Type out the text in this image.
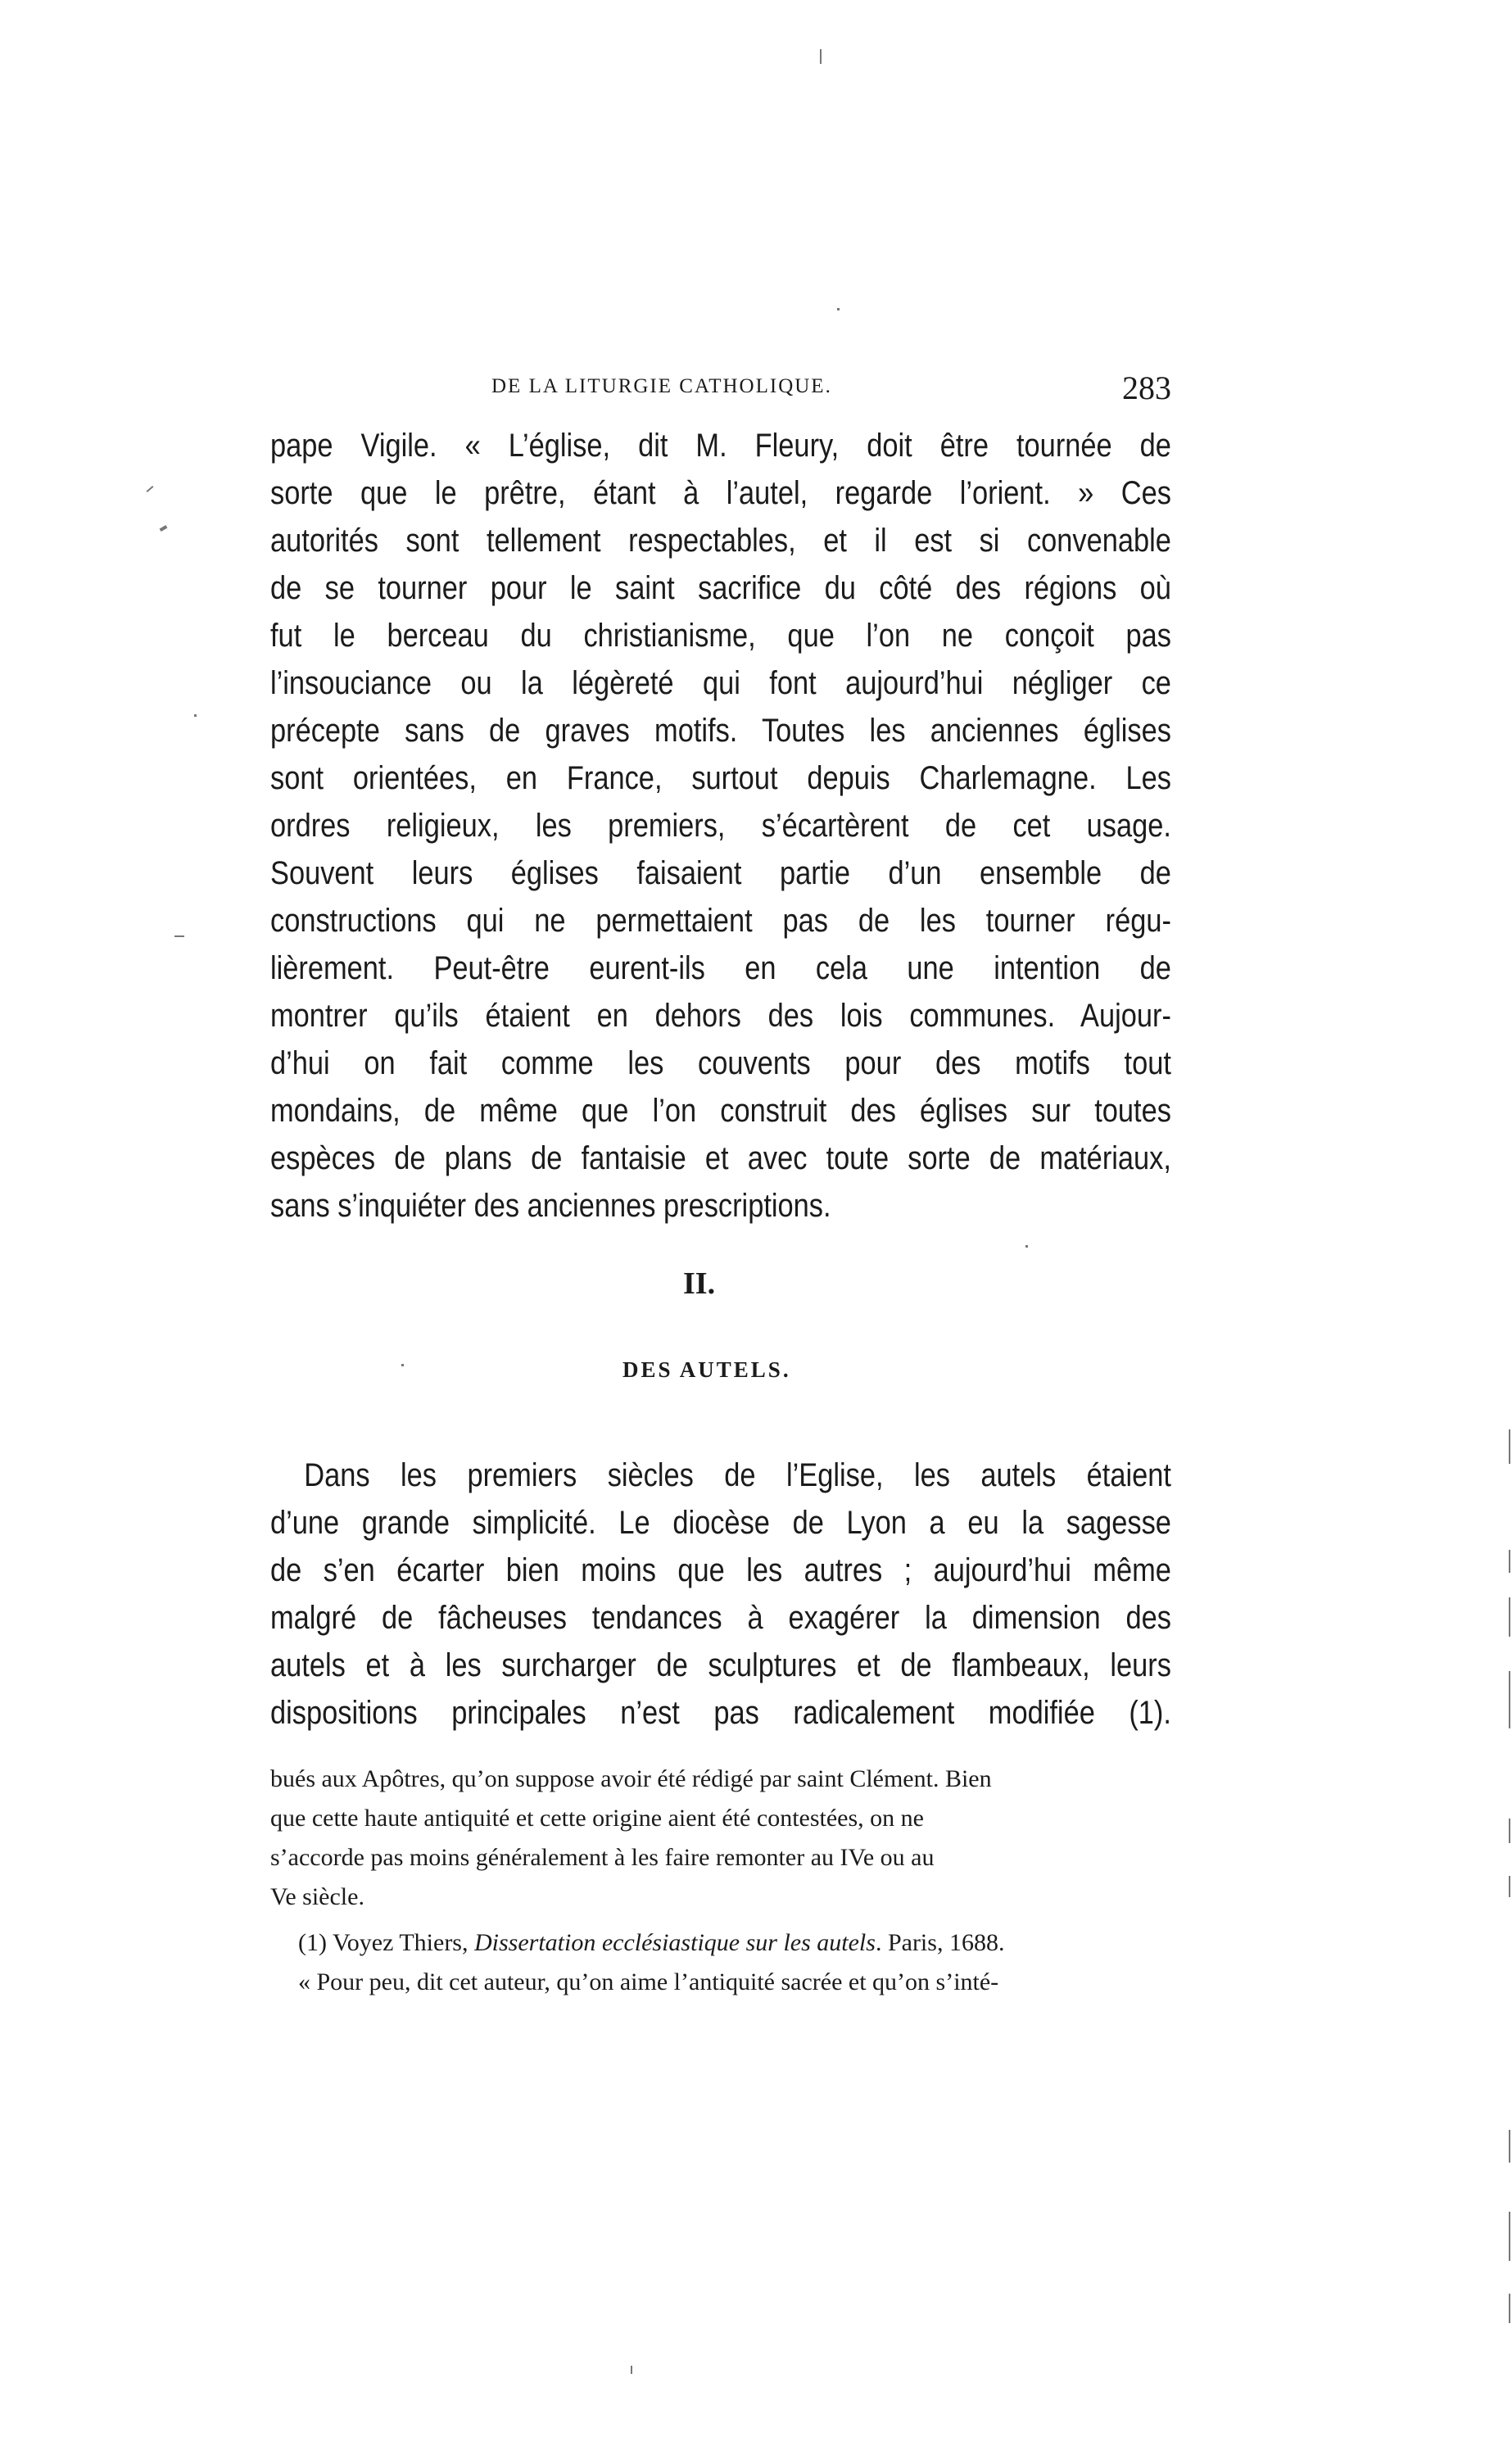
DE LA LITURGIE CATHOLIQUE.	283
pape Vigile. « L’église, dit M. Fleury, doit être tournée de
sorte que le prêtre, étant à l’autel, regarde l’orient. » Ces
autorités sont tellement respectables, et il est si convenable
de se tourner pour le saint sacrifice du côté des régions où
fut le berceau du christianisme, que l’on ne conçoit pas
l’insouciance ou la légèreté qui font aujourd’hui négliger ce
précepte sans de graves motifs. Toutes les anciennes églises
sont orientées, en France, surtout depuis Charlemagne. Les
ordres religieux, les premiers, s’écartèrent de cet usage.
Souvent leurs églises faisaient partie d’un ensemble de
constructions qui ne permettaient pas de les tourner régu-
lièrement. Peut-être eurent-ils en cela une intention de
montrer qu’ils étaient en dehors des lois communes. Aujour-
d’hui on fait comme les couvents pour des motifs tout
mondains, de même que l’on construit des églises sur toutes
espèces de plans de fantaisie et avec toute sorte de matériaux,
sans s’inquiéter des anciennes prescriptions.
II.
DES AUTELS.
Dans les premiers siècles de l’Eglise, les autels étaient
d’une grande simplicité. Le diocèse de Lyon a eu la sagesse
de s’en écarter bien moins que les autres ; aujourd’hui même
malgré de fâcheuses tendances à exagérer la dimension des
autels et à les surcharger de sculptures et de flambeaux, leurs
dispositions principales n’est pas radicalement modifiée (1).
bués aux Apôtres, qu’on suppose avoir été rédigé par saint Clément. Bien
que cette haute antiquité et cette origine aient été contestées, on ne
s’accorde pas moins généralement à les faire remonter au IVe ou au
Ve siècle.
(1) Voyez Thiers, Dissertation ecclésiastique sur les autels. Paris, 1688.
« Pour peu, dit cet auteur, qu’on aime l’antiquité sacrée et qu’on s’inté-
